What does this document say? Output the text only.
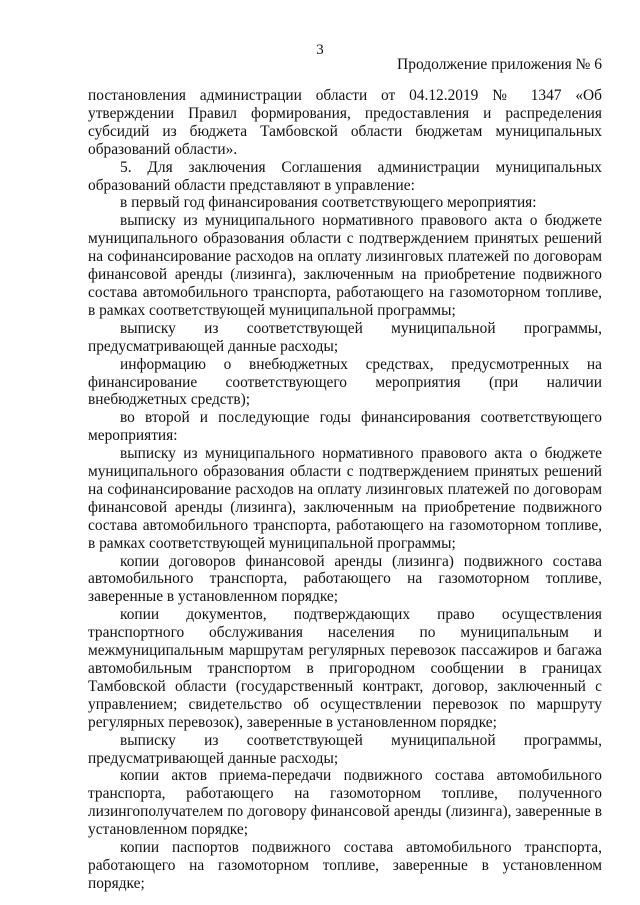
3
Продолжение приложения № 6

постановления администрации области от 04.12.2019 № 1347 «Об утверждении Правил формирования, предоставления и распределения субсидий из бюджета Тамбовской области бюджетам муниципальных образований области».

5. Для заключения Соглашения администрации муниципальных образований области представляют в управление:

в первый год финансирования соответствующего мероприятия:

выписку из муниципального нормативного правового акта о бюджете муниципального образования области с подтверждением принятых решений на софинансирование расходов на оплату лизинговых платежей по договорам финансовой аренды (лизинга), заключенным на приобретение подвижного состава автомобильного транспорта, работающего на газомоторном топливе, в рамках соответствующей муниципальной программы;

выписку из соответствующей муниципальной программы, предусматривающей данные расходы;

информацию о внебюджетных средствах, предусмотренных на финансирование соответствующего мероприятия (при наличии внебюджетных средств);

во второй и последующие годы финансирования соответствующего мероприятия:

выписку из муниципального нормативного правового акта о бюджете муниципального образования области с подтверждением принятых решений на софинансирование расходов на оплату лизинговых платежей по договорам финансовой аренды (лизинга), заключенным на приобретение подвижного состава автомобильного транспорта, работающего на газомоторном топливе, в рамках соответствующей муниципальной программы;

копии договоров финансовой аренды (лизинга) подвижного состава автомобильного транспорта, работающего на газомоторном топливе, заверенные в установленном порядке;

копии документов, подтверждающих право осуществления транспортного обслуживания населения по муниципальным и межмуниципальным маршрутам регулярных перевозок пассажиров и багажа автомобильным транспортом в пригородном сообщении в границах Тамбовской области (государственный контракт, договор, заключенный с управлением; свидетельство об осуществлении перевозок по маршруту регулярных перевозок), заверенные в установленном порядке;

выписку из соответствующей муниципальной программы, предусматривающей данные расходы;

копии актов приема-передачи подвижного состава автомобильного транспорта, работающего на газомоторном топливе, полученного лизингополучателем по договору финансовой аренды (лизинга), заверенные в установленном порядке;

копии паспортов подвижного состава автомобильного транспорта, работающего на газомоторном топливе, заверенные в установленном порядке;
